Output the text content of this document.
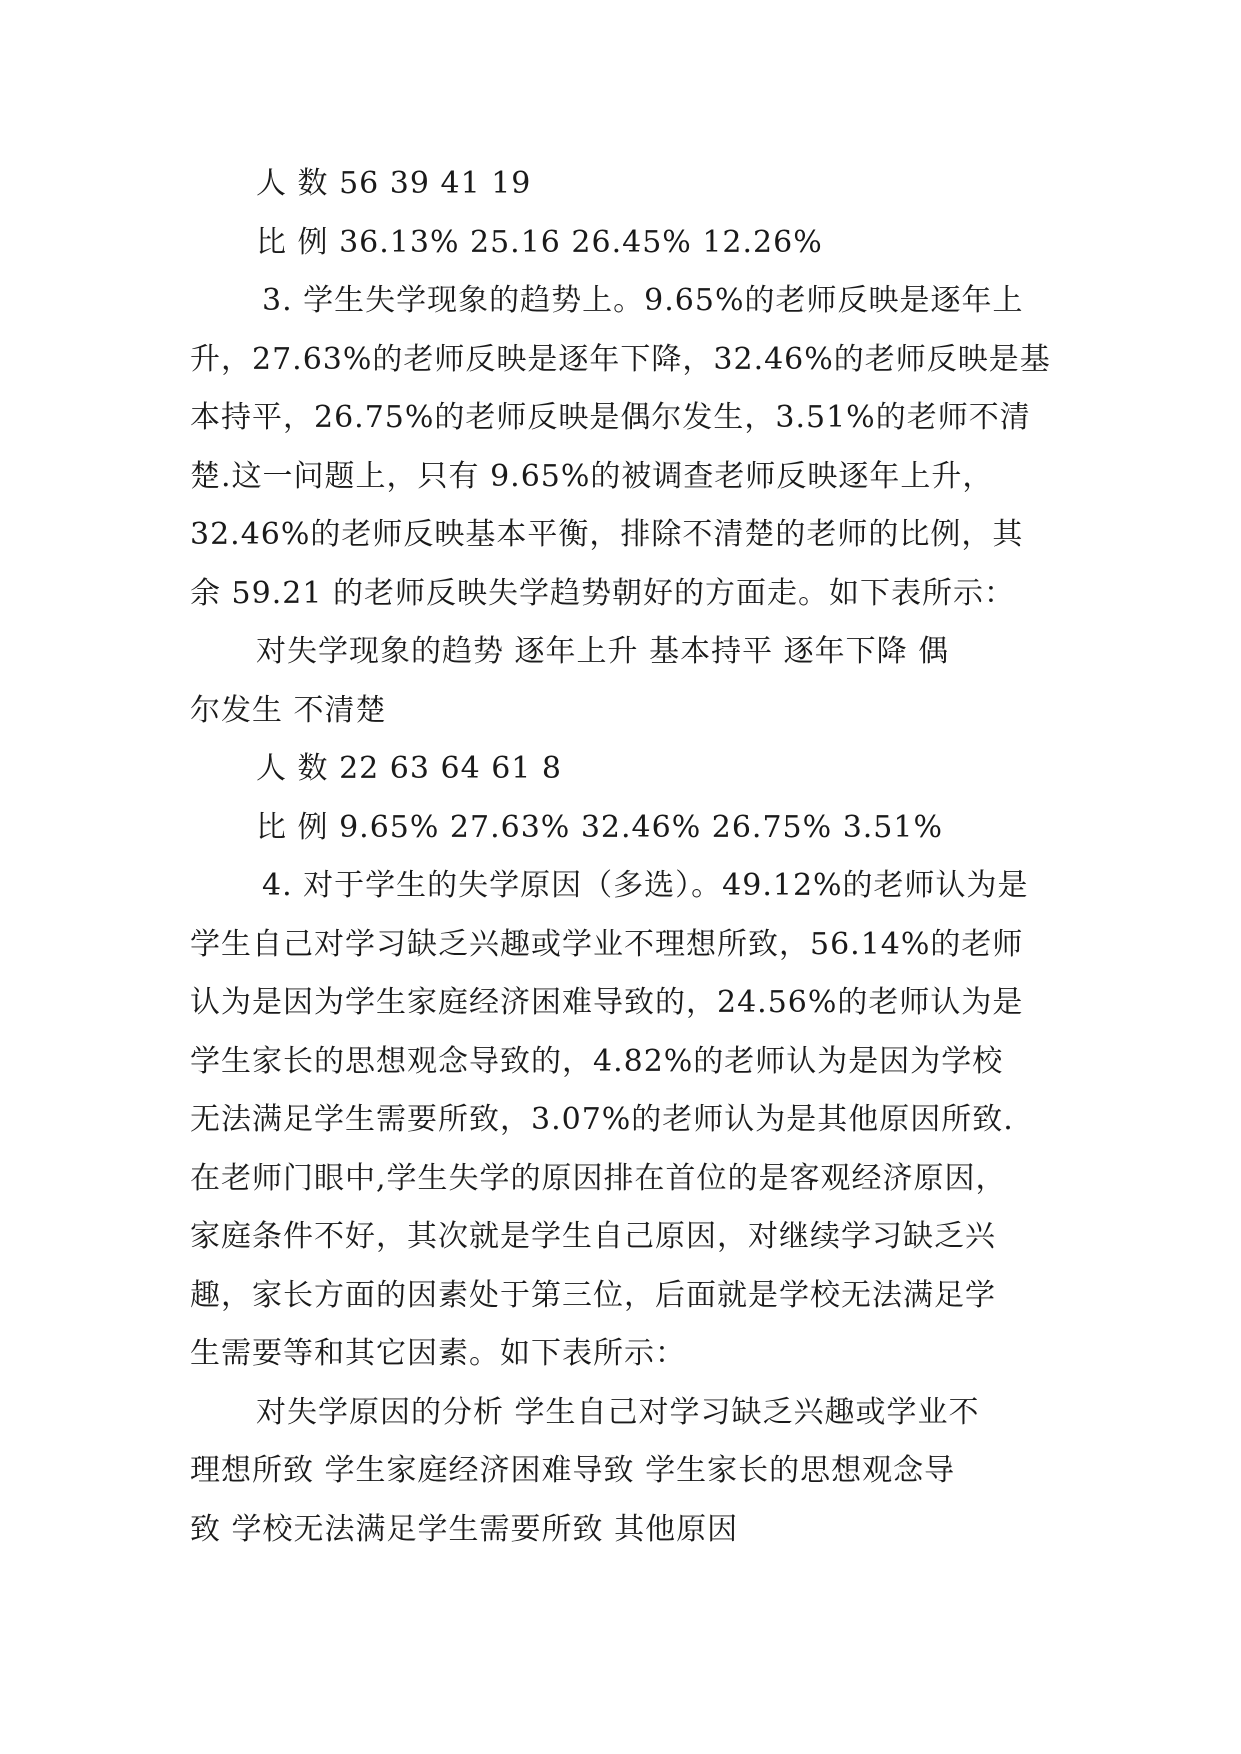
人 数 56 39 41 19
比 例 36.13% 25.16 26.45% 12.26%
3. 学生失学现象的趋势上。9.65%的老师反映是逐年上
升，27.63%的老师反映是逐年下降，32.46%的老师反映是基
本持平，26.75%的老师反映是偶尔发生，3.51%的老师不清
楚.这一问题上，只有 9.65%的被调查老师反映逐年上升，
32.46%的老师反映基本平衡，排除不清楚的老师的比例，其
余 59.21 的老师反映失学趋势朝好的方面走。如下表所示：
对失学现象的趋势 逐年上升 基本持平 逐年下降 偶
尔发生 不清楚
人 数 22 63 64 61 8
比 例 9.65% 27.63% 32.46% 26.75% 3.51%
4. 对于学生的失学原因（多选）。49.12%的老师认为是
学生自己对学习缺乏兴趣或学业不理想所致，56.14%的老师
认为是因为学生家庭经济困难导致的，24.56%的老师认为是
学生家长的思想观念导致的，4.82%的老师认为是因为学校
无法满足学生需要所致，3.07%的老师认为是其他原因所致.
在老师门眼中,学生失学的原因排在首位的是客观经济原因，
家庭条件不好，其次就是学生自己原因，对继续学习缺乏兴
趣，家长方面的因素处于第三位，后面就是学校无法满足学
生需要等和其它因素。如下表所示：
对失学原因的分析 学生自己对学习缺乏兴趣或学业不
理想所致 学生家庭经济困难导致 学生家长的思想观念导
致 学校无法满足学生需要所致 其他原因
